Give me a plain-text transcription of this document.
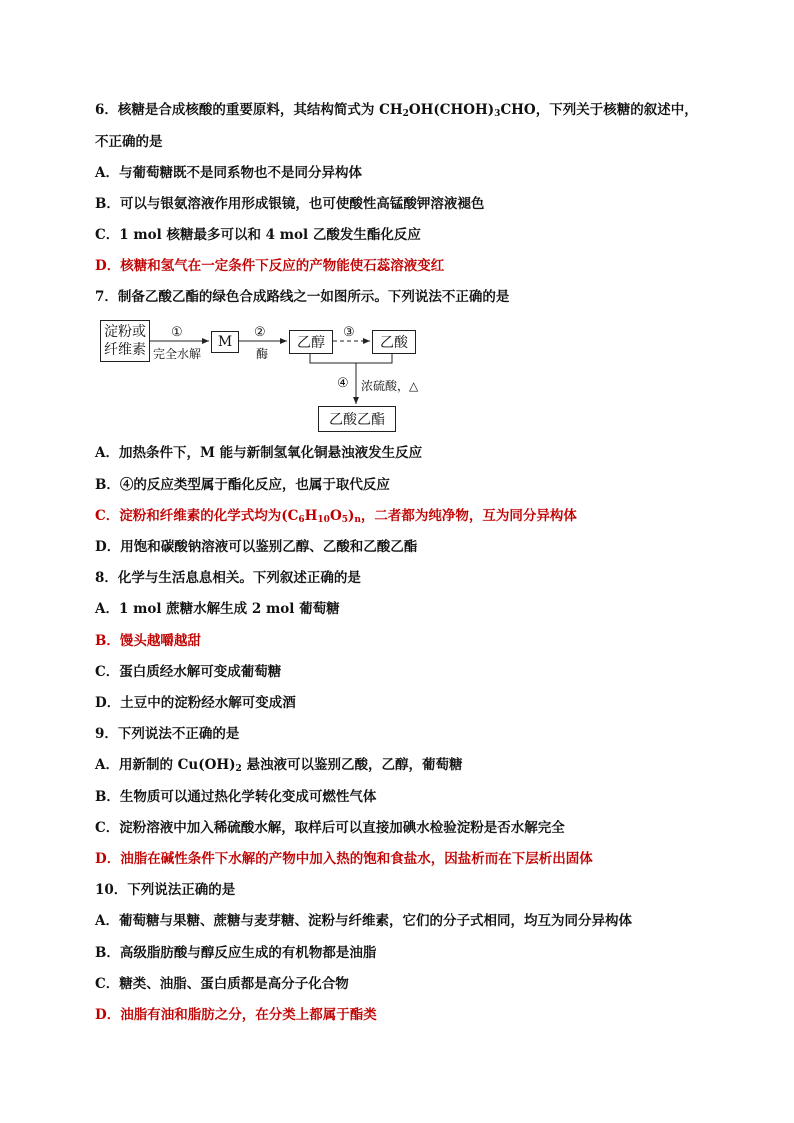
6．核糖是合成核酸的重要原料，其结构简式为 $CH_2OH(CHOH)_3CHO$，下列关于核糖的叙述中，
不正确的是
A．与葡萄糖既不是同系物也不是同分异构体
B．可以与银氨溶液作用形成银镜，也可使酸性高锰酸钾溶液褪色
C．1 mol 核糖最多可以和 4 mol 乙酸发生酯化反应
D．核糖和氢气在一定条件下反应的产物能使石蕊溶液变红
7．制备乙酸乙酯的绿色合成路线之一如图所示。下列说法不正确的是
淀粉或
纤维素
①
完全水解
M
②
酶
乙醇
③
乙酸
④ 浓硫酸，△
乙酸乙酯
A．加热条件下，M 能与新制氢氧化铜悬浊液发生反应
B．④的反应类型属于酯化反应，也属于取代反应
C．淀粉和纤维素的化学式均为$(C_6H_{10}O_5)_n$，二者都为纯净物，互为同分异构体
D．用饱和碳酸钠溶液可以鉴别乙醇、乙酸和乙酸乙酯
8．化学与生活息息相关。下列叙述正确的是
A．1 mol 蔗糖水解生成 2 mol 葡萄糖
B．馒头越嚼越甜
C．蛋白质经水解可变成葡萄糖
D．土豆中的淀粉经水解可变成酒
9．下列说法不正确的是
A．用新制的 $Cu(OH)_2$ 悬浊液可以鉴别乙酸，乙醇，葡萄糖
B．生物质可以通过热化学转化变成可燃性气体
C．淀粉溶液中加入稀硫酸水解，取样后可以直接加碘水检验淀粉是否水解完全
D．油脂在碱性条件下水解的产物中加入热的饱和食盐水，因盐析而在下层析出固体
10．下列说法正确的是
A．葡萄糖与果糖、蔗糖与麦芽糖、淀粉与纤维素，它们的分子式相同，均互为同分异构体
B．高级脂肪酸与醇反应生成的有机物都是油脂
C．糖类、油脂、蛋白质都是高分子化合物
D．油脂有油和脂肪之分，在分类上都属于酯类
